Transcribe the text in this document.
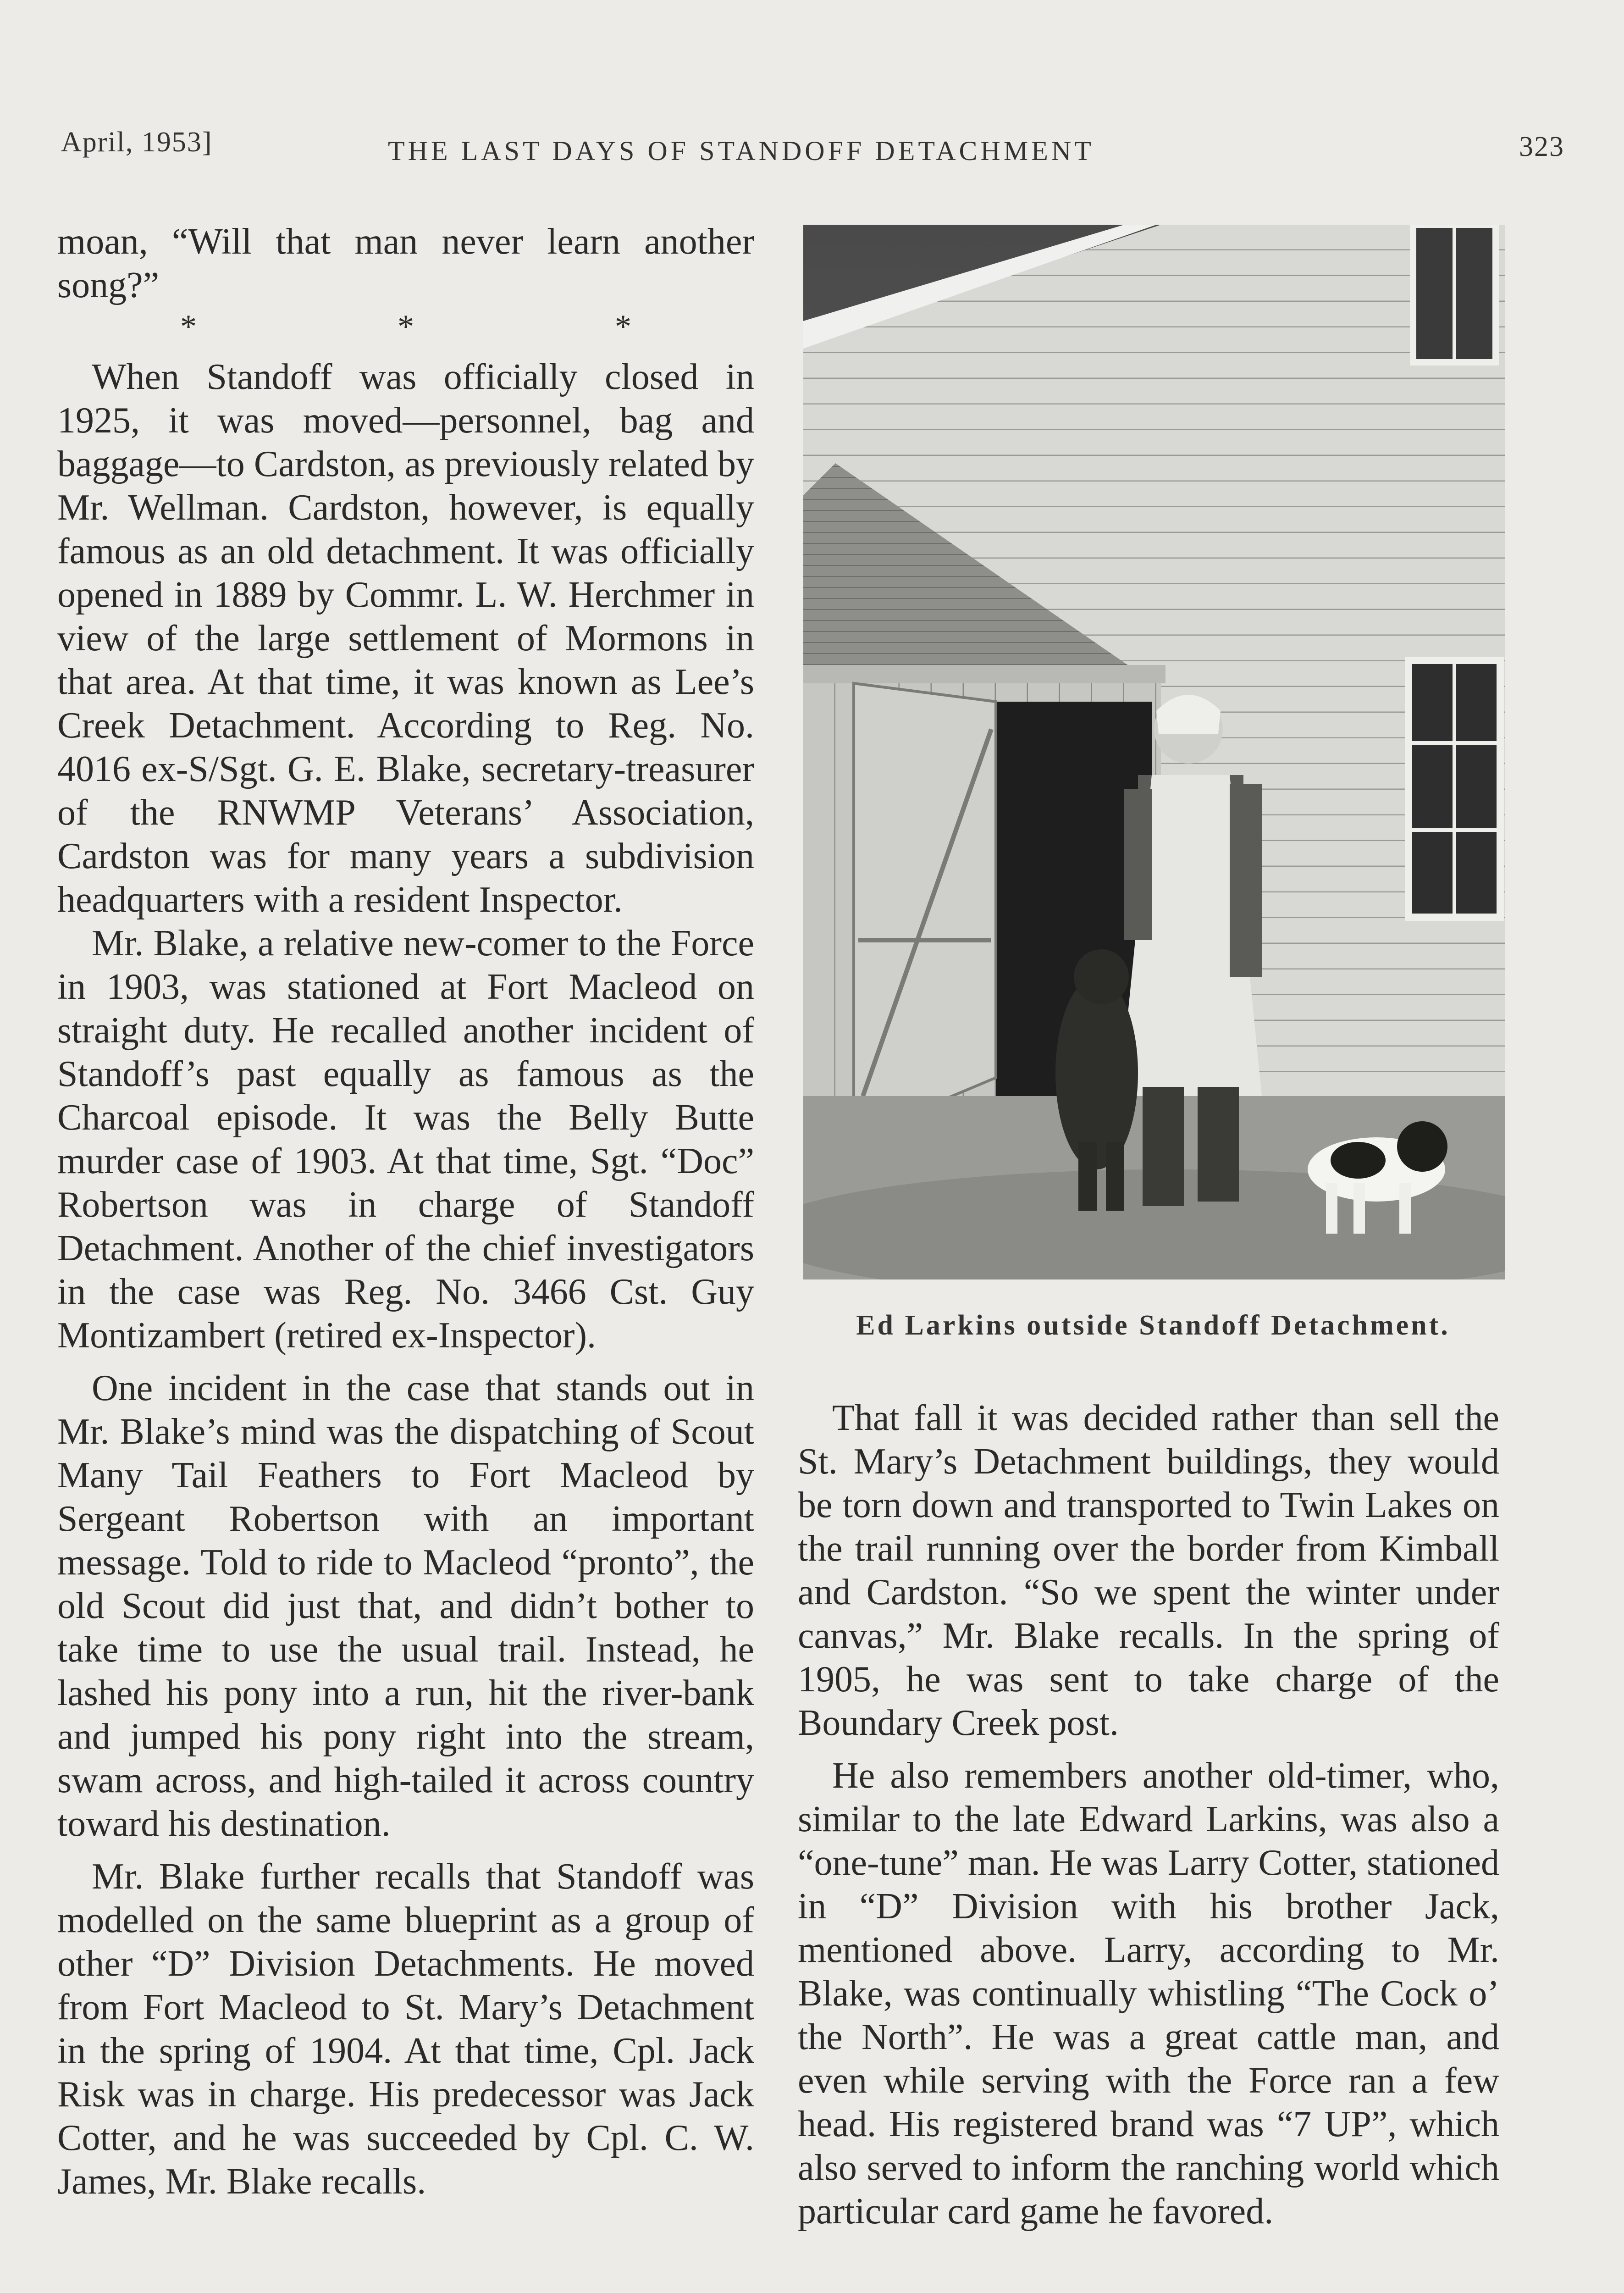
April, 1953]	THE LAST DAYS OF STANDOFF DETACHMENT	323

moan, “Will that man never learn another song?”

* * *

When Standoff was officially closed in 1925, it was moved—personnel, bag and baggage—to Cardston, as previously related by Mr. Wellman. Cardston, however, is equally famous as an old detachment. It was officially opened in 1889 by Commr. L. W. Herchmer in view of the large settlement of Mormons in that area. At that time, it was known as Lee’s Creek Detachment. According to Reg. No. 4016 ex-S/Sgt. G. E. Blake, secretary-treasurer of the RNWMP Veterans’ Association, Cardston was for many years a subdivision headquarters with a resident Inspector.

Mr. Blake, a relative new-comer to the Force in 1903, was stationed at Fort Macleod on straight duty. He recalled another incident of Standoff’s past equally as famous as the Charcoal episode. It was the Belly Butte murder case of 1903. At that time, Sgt. “Doc” Robertson was in charge of Standoff Detachment. Another of the chief investigators in the case was Reg. No. 3466 Cst. Guy Montizambert (retired ex-Inspector).

One incident in the case that stands out in Mr. Blake’s mind was the dispatching of Scout Many Tail Feathers to Fort Macleod by Sergeant Robertson with an important message. Told to ride to Macleod “pronto”, the old Scout did just that, and didn’t bother to take time to use the usual trail. Instead, he lashed his pony into a run, hit the river-bank and jumped his pony right into the stream, swam across, and high-tailed it across country toward his destination.

Mr. Blake further recalls that Standoff was modelled on the same blueprint as a group of other “D” Division Detachments. He moved from Fort Macleod to St. Mary’s Detachment in the spring of 1904. At that time, Cpl. Jack Risk was in charge. His predecessor was Jack Cotter, and he was succeeded by Cpl. C. W. James, Mr. Blake recalls.

Ed Larkins outside Standoff Detachment.

That fall it was decided rather than sell the St. Mary’s Detachment buildings, they would be torn down and transported to Twin Lakes on the trail running over the border from Kimball and Cardston. “So we spent the winter under canvas,” Mr. Blake recalls. In the spring of 1905, he was sent to take charge of the Boundary Creek post.

He also remembers another old-timer, who, similar to the late Edward Larkins, was also a “one-tune” man. He was Larry Cotter, stationed in “D” Division with his brother Jack, mentioned above. Larry, according to Mr. Blake, was continually whistling “The Cock o’ the North”. He was a great cattle man, and even while serving with the Force ran a few head. His registered brand was “7 UP”, which also served to inform the ranching world which particular card game he favored.
